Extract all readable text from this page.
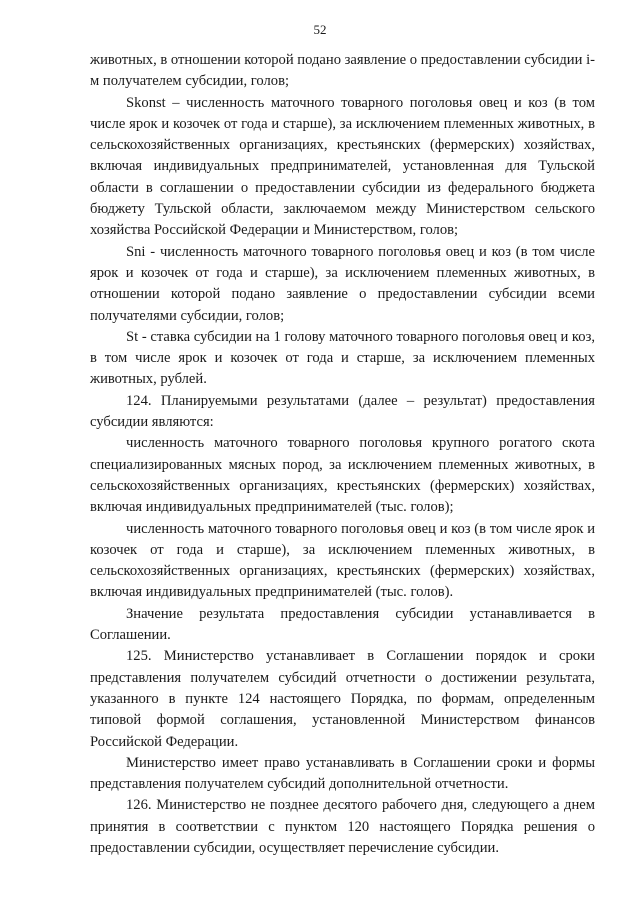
52

животных, в отношении которой подано заявление о предоставлении субсидии i-м получателем субсидии, голов;

Skonst – численность маточного товарного поголовья овец и коз (в том числе ярок и козочек от года и старше), за исключением племенных животных, в сельскохозяйственных организациях, крестьянских (фермерских) хозяйствах, включая индивидуальных предпринимателей, установленная для Тульской области в соглашении о предоставлении субсидии из федерального бюджета бюджету Тульской области, заключаемом между Министерством сельского хозяйства Российской Федерации и Министерством, голов;

Sni - численность маточного товарного поголовья овец и коз (в том числе ярок и козочек от года и старше), за исключением племенных животных, в отношении которой подано заявление о предоставлении субсидии всеми получателями субсидии, голов;

St - ставка субсидии на 1 голову маточного товарного поголовья овец и коз, в том числе ярок и козочек от года и старше, за исключением племенных животных, рублей.

124. Планируемыми результатами (далее – результат) предоставления субсидии являются:

численность маточного товарного поголовья крупного рогатого скота специализированных мясных пород, за исключением племенных животных, в сельскохозяйственных организациях, крестьянских (фермерских) хозяйствах, включая индивидуальных предпринимателей (тыс. голов);

численность маточного товарного поголовья овец и коз (в том числе ярок и козочек от года и старше), за исключением племенных животных, в сельскохозяйственных организациях, крестьянских (фермерских) хозяйствах, включая индивидуальных предпринимателей (тыс. голов).

Значение результата предоставления субсидии устанавливается в Соглашении.

125. Министерство устанавливает в Соглашении порядок и сроки представления получателем субсидий отчетности о достижении результата, указанного в пункте 124 настоящего Порядка, по формам, определенным типовой формой соглашения, установленной Министерством финансов Российской Федерации.

Министерство имеет право устанавливать в Соглашении сроки и формы представления получателем субсидий дополнительной отчетности.

126. Министерство не позднее десятого рабочего дня, следующего а днем принятия в соответствии с пунктом 120 настоящего Порядка решения о предоставлении субсидии, осуществляет перечисление субсидии.
